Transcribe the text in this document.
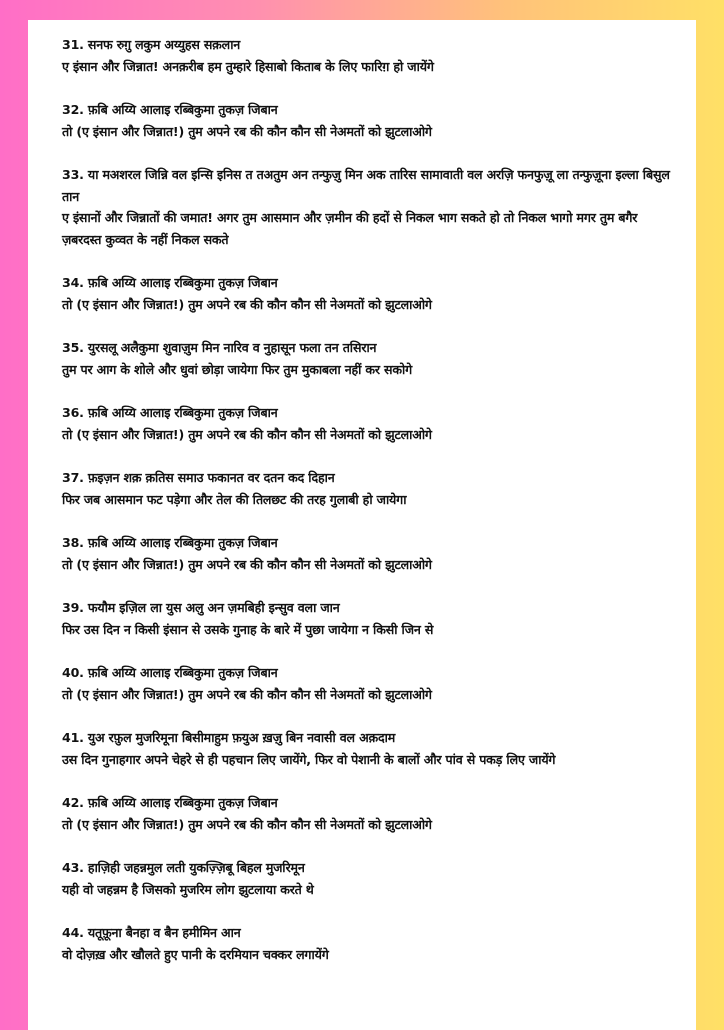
31. सनफ रुग़ु लकुम अय्युहस सक़लान

ए इंसान और जिन्नात! अनक़रीब हम तुम्हारे हिसाबो किताब के लिए फारिग़ हो जायेंगे

32. फ़बि अय्यि आलाइ रब्बिकुमा तुकज़ जिबान

तो (ए इंसान और जिन्नात!) तुम अपने रब की कौन कौन सी नेअमतों को झुटलाओगे

33. या मअशरल जिन्नि वल इन्सि इनिस त तअतुम अन तन्फुज़ु मिन अक तारिस सामावाती वल अरज़ि फनफुज़ू ला तन्फुज़ूना इल्ला बिसुल तान

ए इंसानों और जिन्नातों की जमात! अगर तुम आसमान और ज़मीन की हदों से निकल भाग सकते हो तो निकल भागो मगर तुम बगैर ज़बरदस्त कुव्वत के नहीं निकल सकते

34. फ़बि अय्यि आलाइ रब्बिकुमा तुकज़ जिबान

तो (ए इंसान और जिन्नात!) तुम अपने रब की कौन कौन सी नेअमतों को झुटलाओगे

35. युरसलू अलैकुमा शुवाज़ुम मिन नारिव व नुहासून फला तन तसिरान

तुम पर आग के शोले और धुवां छोड़ा जायेगा फिर तुम मुकाबला नहीं कर सकोगे

36. फ़बि अय्यि आलाइ रब्बिकुमा तुकज़ जिबान

तो (ए इंसान और जिन्नात!) तुम अपने रब की कौन कौन सी नेअमतों को झुटलाओगे

37. फ़इज़न शक़ क़तिस समाउ फकानत वर दतन कद दिहान

फिर जब आसमान फट पड़ेगा और तेल की तिलछट की तरह गुलाबी हो जायेगा

38. फ़बि अय्यि आलाइ रब्बिकुमा तुकज़ जिबान

तो (ए इंसान और जिन्नात!) तुम अपने रब की कौन कौन सी नेअमतों को झुटलाओगे

39. फयौम इज़िल ला युस अलु अन ज़मबिही इन्सुव वला जान

फिर उस दिन न किसी इंसान से उसके गुनाह के बारे में पुछा जायेगा न किसी जिन से

40. फ़बि अय्यि आलाइ रब्बिकुमा तुकज़ जिबान

तो (ए इंसान और जिन्नात!) तुम अपने रब की कौन कौन सी नेअमतों को झुटलाओगे

41. युअ रफ़ुल मुजरिमूना बिसीमाहुम फ़युअ ख़ज़ु बिन नवासी वल अक़दाम

उस दिन गुनाहगार अपने चेहरे से ही पहचान लिए जायेंगे, फिर वो पेशानी के बालों और पांव से पकड़ लिए जायेंगे

42. फ़बि अय्यि आलाइ रब्बिकुमा तुकज़ जिबान

तो (ए इंसान और जिन्नात!) तुम अपने रब की कौन कौन सी नेअमतों को झुटलाओगे

43. हाज़िही जहन्नमुल लती युकज़्ज़िबू बिहल मुजरिमून

यही वो जहन्नम है जिसको मुजरिम लोग झुटलाया करते थे

44. यतूफ़ूना बैनहा व बैन हमीमिन आन

वो दोज़ख़ और खौलते हुए पानी के दरमियान चक्कर लगायेंगे
